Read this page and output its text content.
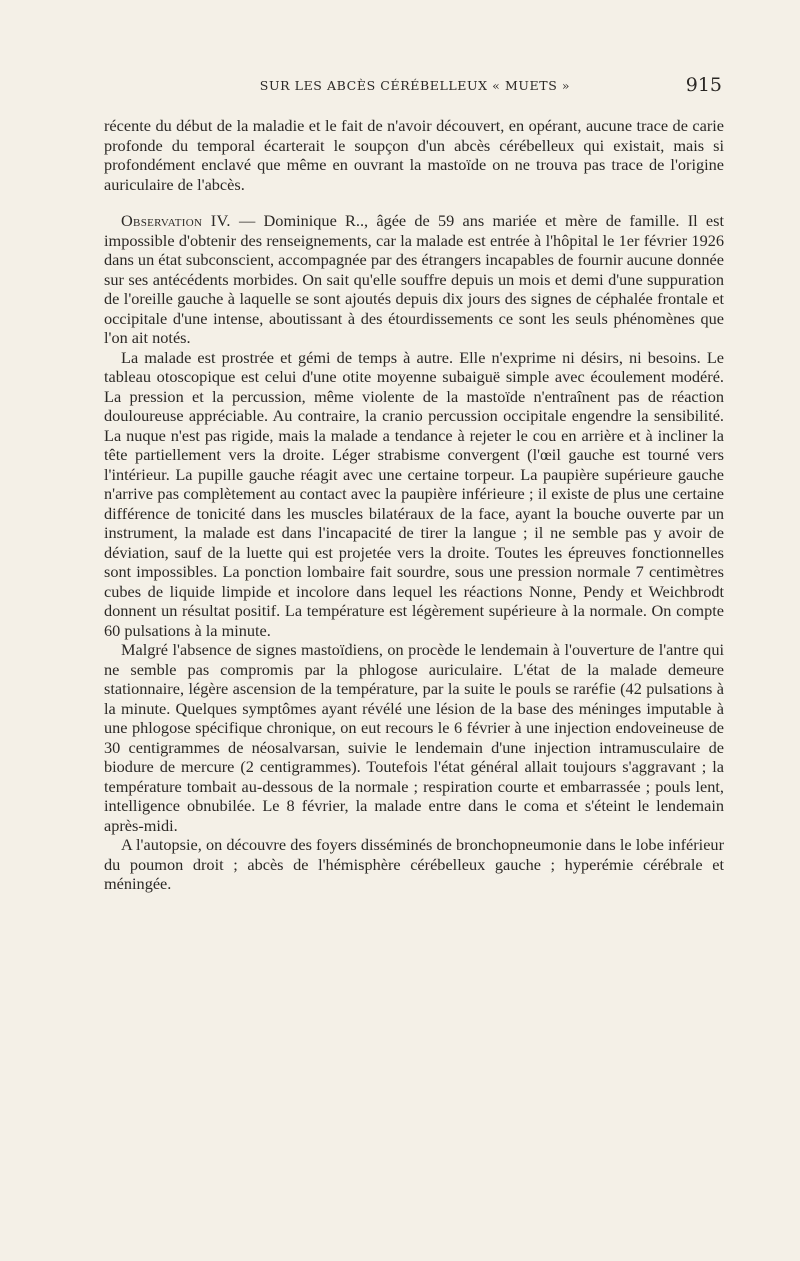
SUR LES ABCÈS CÉRÉBELLEUX « MUETS »	915

récente du début de la maladie et le fait de n'avoir découvert, en opérant, aucune trace de carie profonde du temporal écarterait le soupçon d'un abcès cérébelleux qui existait, mais si profondément enclavé que même en ouvrant la mastoïde on ne trouva pas trace de l'origine auriculaire de l'abcès.

Observation IV. — Dominique R.., âgée de 59 ans mariée et mère de famille. Il est impossible d'obtenir des renseignements, car la malade est entrée à l'hôpital le 1er février 1926 dans un état subconscient, accompagnée par des étrangers incapables de fournir aucune donnée sur ses antécédents morbides. On sait qu'elle souffre depuis un mois et demi d'une suppuration de l'oreille gauche à laquelle se sont ajoutés depuis dix jours des signes de céphalée frontale et occipitale d'une intense, aboutissant à des étourdissements ce sont les seuls phénomènes que l'on ait notés.

La malade est prostrée et gémi de temps à autre. Elle n'exprime ni désirs, ni besoins. Le tableau otoscopique est celui d'une otite moyenne subaiguë simple avec écoulement modéré. La pression et la percussion, même violente de la mastoïde n'entraînent pas de réaction douloureuse appréciable. Au contraire, la cranio percussion occipitale engendre la sensibilité. La nuque n'est pas rigide, mais la malade a tendance à rejeter le cou en arrière et à incliner la tête partiellement vers la droite. Léger strabisme convergent (l'œil gauche est tourné vers l'intérieur. La pupille gauche réagit avec une certaine torpeur. La paupière supérieure gauche n'arrive pas complètement au contact avec la paupière inférieure ; il existe de plus une certaine différence de tonicité dans les muscles bilatéraux de la face, ayant la bouche ouverte par un instrument, la malade est dans l'incapacité de tirer la langue ; il ne semble pas y avoir de déviation, sauf de la luette qui est projetée vers la droite. Toutes les épreuves fonctionnelles sont impossibles. La ponction lombaire fait sourdre, sous une pression normale 7 centimètres cubes de liquide limpide et incolore dans lequel les réactions Nonne, Pendy et Weichbrodt donnent un résultat positif. La température est légèrement supérieure à la normale. On compte 60 pulsations à la minute.

Malgré l'absence de signes mastoïdiens, on procède le lendemain à l'ouverture de l'antre qui ne semble pas compromis par la phlogose auriculaire. L'état de la malade demeure stationnaire, légère ascension de la température, par la suite le pouls se raréfie (42 pulsations à la minute. Quelques symptômes ayant révélé une lésion de la base des méninges imputable à une phlogose spécifique chronique, on eut recours le 6 février à une injection endoveineuse de 30 centigrammes de néosalvarsan, suivie le lendemain d'une injection intramusculaire de biodure de mercure (2 centigrammes). Toutefois l'état général allait toujours s'aggravant ; la température tombait au-dessous de la normale ; respiration courte et embarrassée ; pouls lent, intelligence obnubilée. Le 8 février, la malade entre dans le coma et s'éteint le lendemain après-midi.

A l'autopsie, on découvre des foyers disséminés de bronchopneumonie dans le lobe inférieur du poumon droit ; abcès de l'hémisphère cérébelleux gauche ; hyperémie cérébrale et méningée.
